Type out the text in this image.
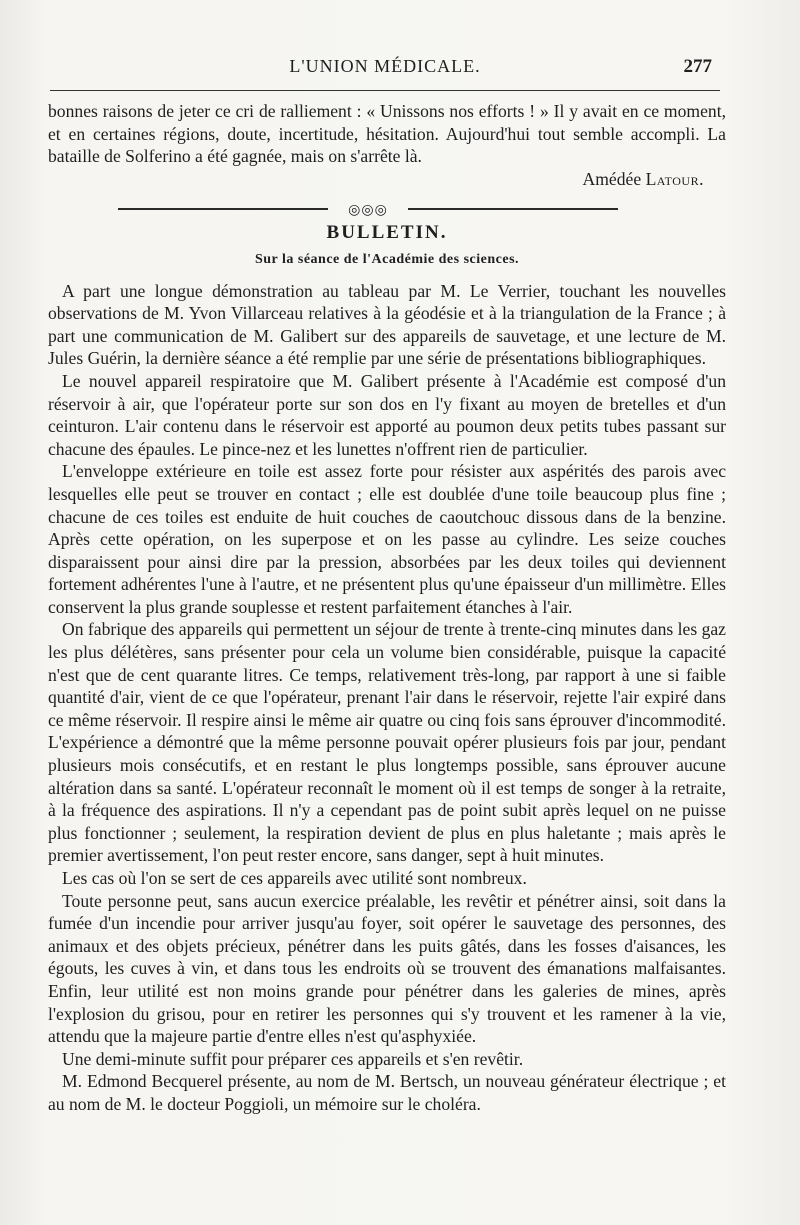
L'UNION MÉDICALE.	277

bonnes raisons de jeter ce cri de ralliement : « Unissons nos efforts ! » Il y avait en ce moment, et en certaines régions, doute, incertitude, hésitation. Aujourd'hui tout semble accompli. La bataille de Solferino a été gagnée, mais on s'arrête là.

Amédée Latour.

◎◎◎
BULLETIN.
Sur la séance de l'Académie des sciences.

A part une longue démonstration au tableau par M. Le Verrier, touchant les nouvelles observations de M. Yvon Villarceau relatives à la géodésie et à la triangulation de la France ; à part une communication de M. Galibert sur des appareils de sauvetage, et une lecture de M. Jules Guérin, la dernière séance a été remplie par une série de présentations bibliographiques.

Le nouvel appareil respiratoire que M. Galibert présente à l'Académie est composé d'un réservoir à air, que l'opérateur porte sur son dos en l'y fixant au moyen de bretelles et d'un ceinturon. L'air contenu dans le réservoir est apporté au poumon deux petits tubes passant sur chacune des épaules. Le pince-nez et les lunettes n'offrent rien de particulier.

L'enveloppe extérieure en toile est assez forte pour résister aux aspérités des parois avec lesquelles elle peut se trouver en contact ; elle est doublée d'une toile beaucoup plus fine ; chacune de ces toiles est enduite de huit couches de caoutchouc dissous dans de la benzine. Après cette opération, on les superpose et on les passe au cylindre. Les seize couches disparaissent pour ainsi dire par la pression, absorbées par les deux toiles qui deviennent fortement adhérentes l'une à l'autre, et ne présentent plus qu'une épaisseur d'un millimètre. Elles conservent la plus grande souplesse et restent parfaitement étanches à l'air.

On fabrique des appareils qui permettent un séjour de trente à trente-cinq minutes dans les gaz les plus délétères, sans présenter pour cela un volume bien considérable, puisque la capacité n'est que de cent quarante litres. Ce temps, relativement très-long, par rapport à une si faible quantité d'air, vient de ce que l'opérateur, prenant l'air dans le réservoir, rejette l'air expiré dans ce même réservoir. Il respire ainsi le même air quatre ou cinq fois sans éprouver d'incommodité. L'expérience a démontré que la même personne pouvait opérer plusieurs fois par jour, pendant plusieurs mois consécutifs, et en restant le plus longtemps possible, sans éprouver aucune altération dans sa santé. L'opérateur reconnaît le moment où il est temps de songer à la retraite, à la fréquence des aspirations. Il n'y a cependant pas de point subit après lequel on ne puisse plus fonctionner ; seulement, la respiration devient de plus en plus haletante ; mais après le premier avertissement, l'on peut rester encore, sans danger, sept à huit minutes.

Les cas où l'on se sert de ces appareils avec utilité sont nombreux.

Toute personne peut, sans aucun exercice préalable, les revêtir et pénétrer ainsi, soit dans la fumée d'un incendie pour arriver jusqu'au foyer, soit opérer le sauvetage des personnes, des animaux et des objets précieux, pénétrer dans les puits gâtés, dans les fosses d'aisances, les égouts, les cuves à vin, et dans tous les endroits où se trouvent des émanations malfaisantes. Enfin, leur utilité est non moins grande pour pénétrer dans les galeries de mines, après l'explosion du grisou, pour en retirer les personnes qui s'y trouvent et les ramener à la vie, attendu que la majeure partie d'entre elles n'est qu'asphyxiée.

Une demi-minute suffit pour préparer ces appareils et s'en revêtir.

M. Edmond Becquerel présente, au nom de M. Bertsch, un nouveau générateur électrique ; et au nom de M. le docteur Poggioli, un mémoire sur le choléra.
